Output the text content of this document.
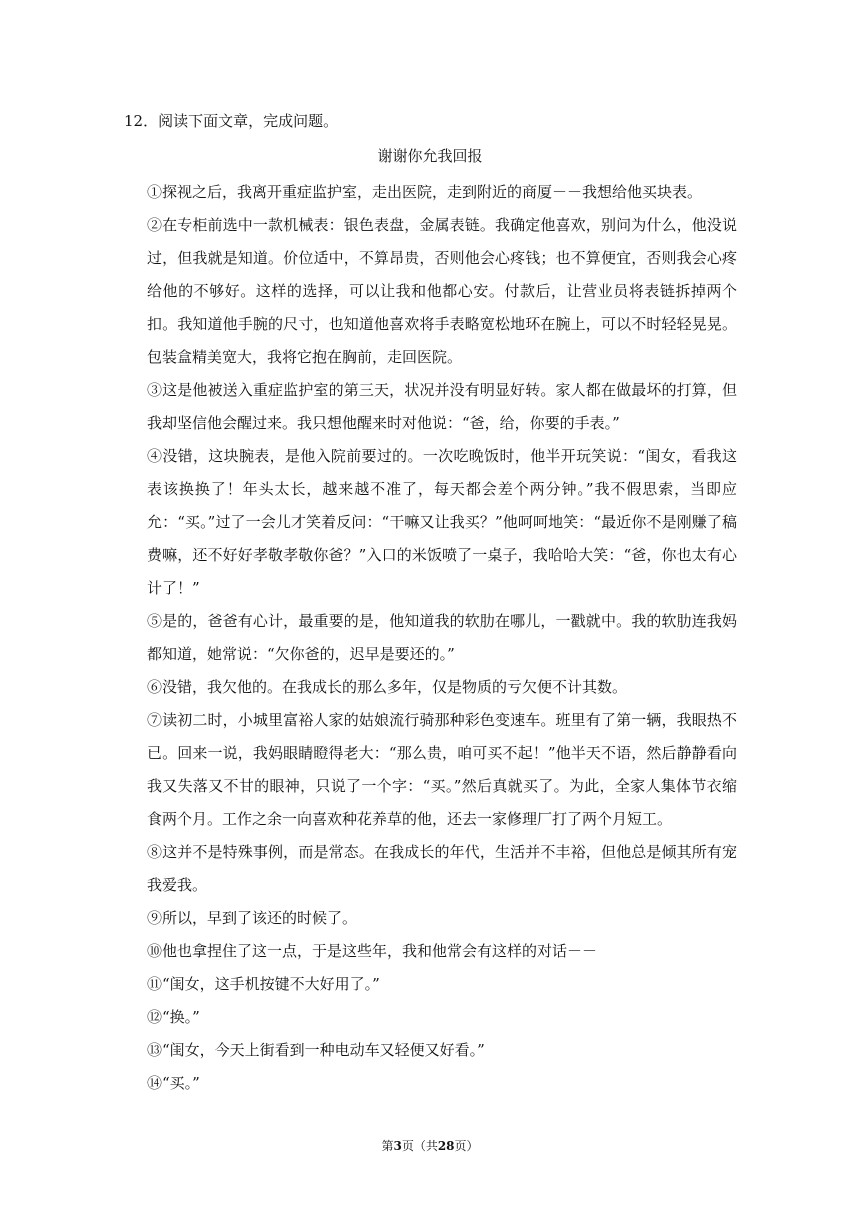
12．阅读下面文章，完成问题。
谢谢你允我回报

①探视之后，我离开重症监护室，走出医院，走到附近的商厦－－我想给他买块表。

②在专柜前选中一款机械表：银色表盘，金属表链。我确定他喜欢，别问为什么，他没说过，但我就是知道。价位适中，不算昂贵，否则他会心疼钱；也不算便宜，否则我会心疼给他的不够好。这样的选择，可以让我和他都心安。付款后，让营业员将表链拆掉两个扣。我知道他手腕的尺寸，也知道他喜欢将手表略宽松地环在腕上，可以不时轻轻晃晃。包装盒精美宽大，我将它抱在胸前，走回医院。

③这是他被送入重症监护室的第三天，状况并没有明显好转。家人都在做最坏的打算，但我却坚信他会醒过来。我只想他醒来时对他说：“爸，给，你要的手表。”

④没错，这块腕表，是他入院前要过的。一次吃晚饭时，他半开玩笑说：“闺女，看我这表该换换了！年头太长，越来越不准了，每天都会差个两分钟。”我不假思索，当即应允：“买。”过了一会儿才笑着反问：“干嘛又让我买？”他呵呵地笑：“最近你不是刚赚了稿费嘛，还不好好孝敬孝敬你爸？”入口的米饭喷了一桌子，我哈哈大笑：“爸，你也太有心计了！”

⑤是的，爸爸有心计，最重要的是，他知道我的软肋在哪儿，一戳就中。我的软肋连我妈都知道，她常说：“欠你爸的，迟早是要还的。”

⑥没错，我欠他的。在我成长的那么多年，仅是物质的亏欠便不计其数。

⑦读初二时，小城里富裕人家的姑娘流行骑那种彩色变速车。班里有了第一辆，我眼热不已。回来一说，我妈眼睛瞪得老大：“那么贵，咱可买不起！”他半天不语，然后静静看向我又失落又不甘的眼神，只说了一个字：“买。”然后真就买了。为此，全家人集体节衣缩食两个月。工作之余一向喜欢种花养草的他，还去一家修理厂打了两个月短工。

⑧这并不是特殊事例，而是常态。在我成长的年代，生活并不丰裕，但他总是倾其所有宠我爱我。

⑨所以，早到了该还的时候了。

⑩他也拿捏住了这一点，于是这些年，我和他常会有这样的对话－－

⑪“闺女，这手机按键不大好用了。”

⑫“换。”

⑬“闺女，今天上街看到一种电动车又轻便又好看。”

⑭“买。”

第3页（共28页）
